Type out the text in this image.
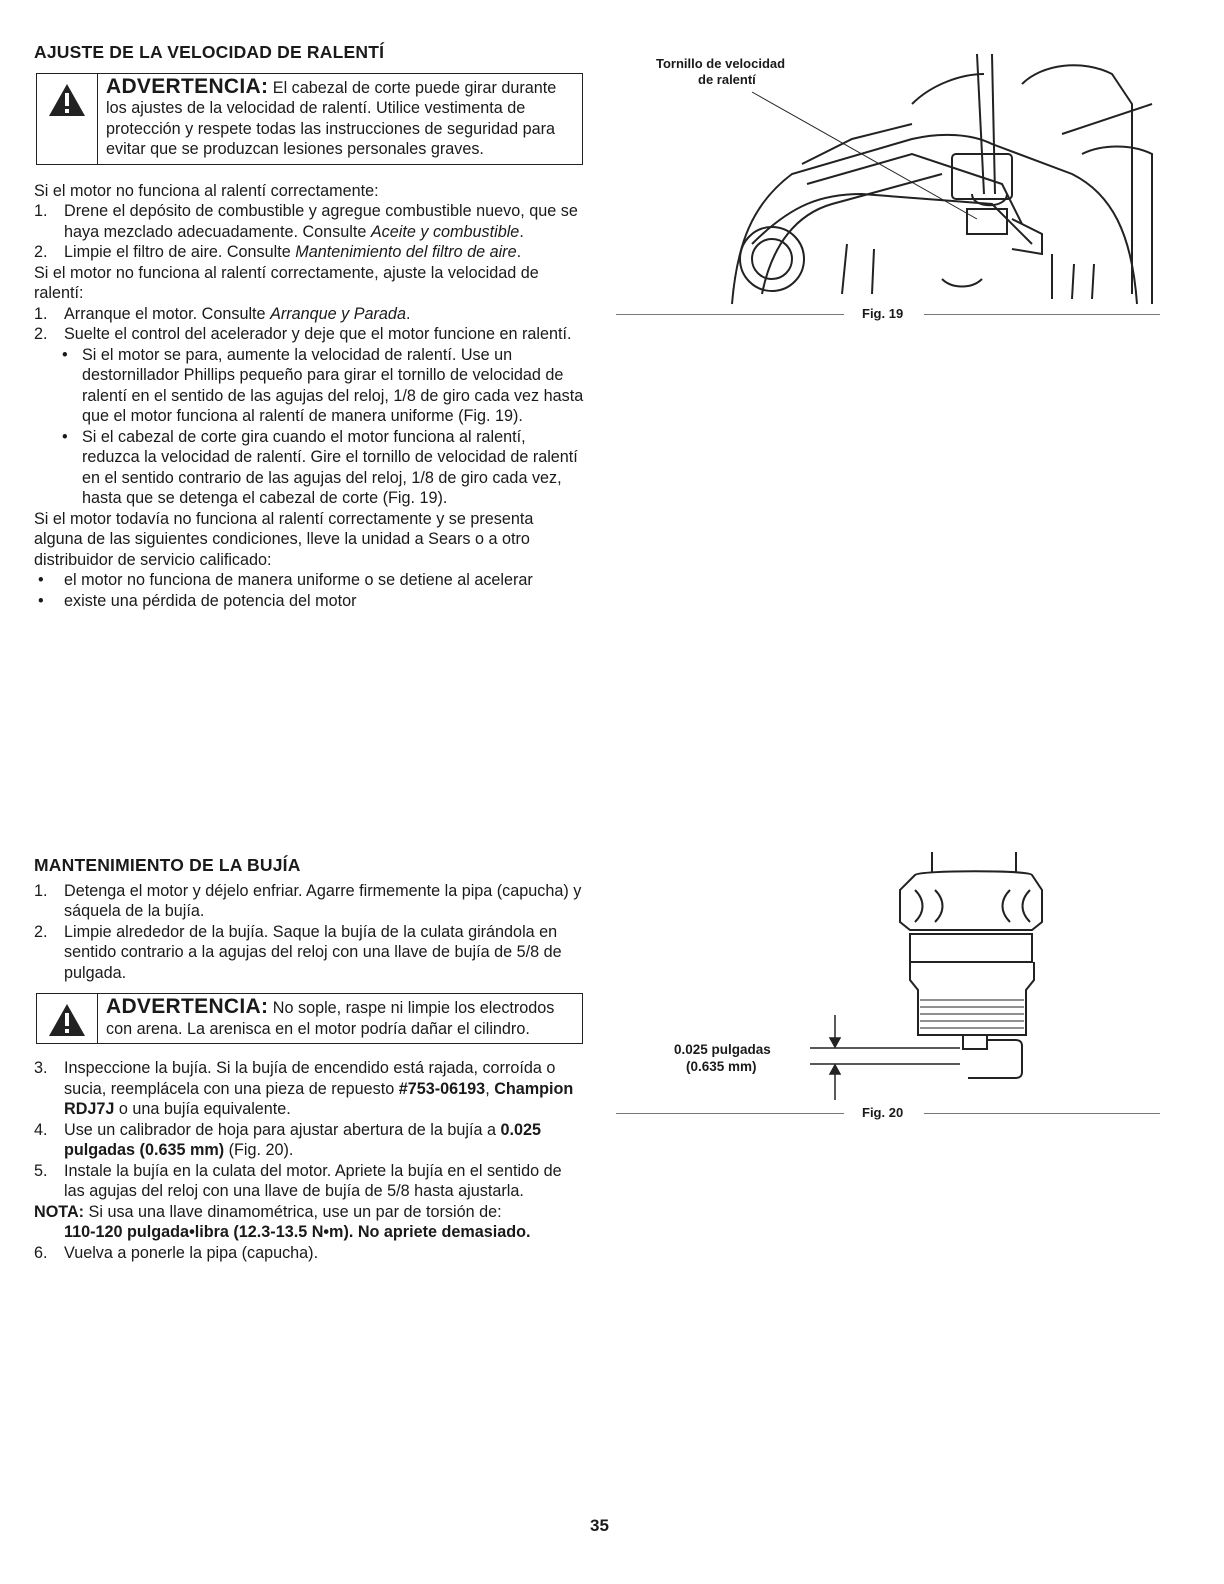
AJUSTE DE LA VELOCIDAD DE RALENTÍ
ADVERTENCIA: El cabezal de corte puede girar durante los ajustes de la velocidad de ralentí. Utilice vestimenta de protección y respete todas las instrucciones de seguridad para evitar que se produzcan lesiones personales graves.

Si el motor no funciona al ralentí correctamente:

1. Drene el depósito de combustible y agregue combustible nuevo, que se haya mezclado adecuadamente. Consulte Aceite y combustible.
2. Limpie el filtro de aire. Consulte Mantenimiento del filtro de aire.

Si el motor no funciona al ralentí correctamente, ajuste la velocidad de ralentí:

1. Arranque el motor. Consulte Arranque y Parada.
2. Suelte el control del acelerador y deje que el motor funcione en ralentí.
• Si el motor se para, aumente la velocidad de ralentí. Use un destornillador Phillips pequeño para girar el tornillo de velocidad de ralentí en el sentido de las agujas del reloj, 1/8 de giro cada vez hasta que el motor funciona al ralentí de manera uniforme (Fig. 19).
• Si el cabezal de corte gira cuando el motor funciona al ralentí, reduzca la velocidad de ralentí. Gire el tornillo de velocidad de ralentí en el sentido contrario de las agujas del reloj, 1/8 de giro cada vez, hasta que se detenga el cabezal de corte (Fig. 19).

Si el motor todavía no funciona al ralentí correctamente y se presenta alguna de las siguientes condiciones, lleve la unidad a Sears o a otro distribuidor de servicio calificado:

• el motor no funciona de manera uniforme o se detiene al acelerar
• existe una pérdida de potencia del motor
Tornillo de velocidad
de ralentí
Fig. 19
MANTENIMIENTO DE LA BUJÍA
1. Detenga el motor y déjelo enfriar. Agarre firmemente la pipa (capucha) y sáquela de la bujía.
2. Limpie alrededor de la bujía. Saque la bujía de la culata girándola en sentido contrario a la agujas del reloj con una llave de bujía de 5/8 de pulgada.
ADVERTENCIA: No sople, raspe ni limpie los electrodos con arena. La arenisca en el motor podría dañar el cilindro.
3. Inspeccione la bujía. Si la bujía de encendido está rajada, corroída o sucia, reemplácela con una pieza de repuesto #753-06193, Champion RDJ7J o una bujía equivalente.
4. Use un calibrador de hoja para ajustar abertura de la bujía a 0.025 pulgadas (0.635 mm) (Fig. 20).
5. Instale la bujía en la culata del motor. Apriete la bujía en el sentido de las agujas del reloj con una llave de bujía de 5/8 hasta ajustarla.

NOTA: Si usa una llave dinamométrica, use un par de torsión de:

110-120 pulgada•libra (12.3-13.5 N•m). No apriete demasiado.

6. Vuelva a ponerle la pipa (capucha).
0.025 pulgadas
(0.635 mm)
Fig. 20
35
